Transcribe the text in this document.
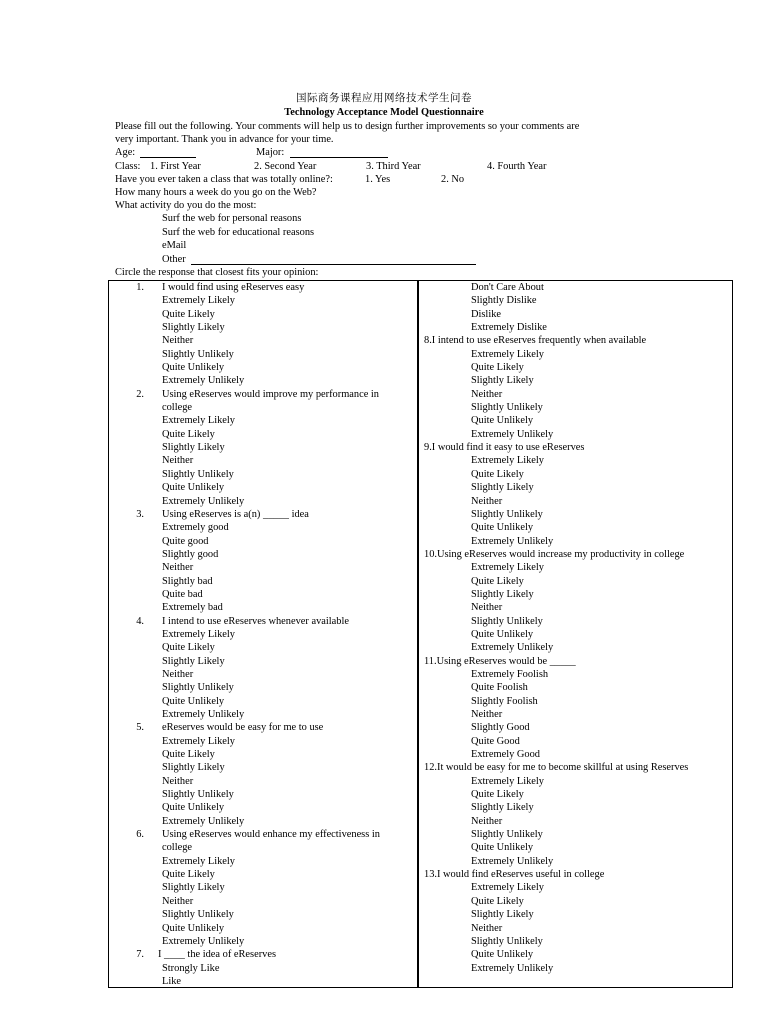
国际商务课程应用网络技术学生问卷
Technology Acceptance Model Questionnaire
Please fill out the following. Your comments will help us to design further improvements so your comments are
very important. Thank you in advance for your time.
Age:	Major:
Class: 1. First Year	2. Second Year	3. Third Year	4. Fourth Year
Have you ever taken a class that was totally online?:	1. Yes	2. No
How many hours a week do you go on the Web?
What activity do you do the most:
Surf the web for personal reasons
Surf the web for educational reasons
eMail
Other
Circle the response that closest fits your opinion:
1. I would find using eReserves easy
Extremely Likely
Quite Likely
Slightly Likely
Neither
Slightly Unlikely
Quite Unlikely
Extremely Unlikely
2. Using eReserves would improve my performance in
college
Extremely Likely
Quite Likely
Slightly Likely
Neither
Slightly Unlikely
Quite Unlikely
Extremely Unlikely
3. Using eReserves is a(n) _____ idea
Extremely good
Quite good
Slightly good
Neither
Slightly bad
Quite bad
Extremely bad
4. I intend to use eReserves whenever available
Extremely Likely
Quite Likely
Slightly Likely
Neither
Slightly Unlikely
Quite Unlikely
Extremely Unlikely
5. eReserves would be easy for me to use
Extremely Likely
Quite Likely
Slightly Likely
Neither
Slightly Unlikely
Quite Unlikely
Extremely Unlikely
6. Using eReserves would enhance my effectiveness in
college
Extremely Likely
Quite Likely
Slightly Likely
Neither
Slightly Unlikely
Quite Unlikely
Extremely Unlikely
7. I ____ the idea of eReserves
Strongly Like
Like
Don't Care About
Slightly Dislike
Dislike
Extremely Dislike
8.I intend to use eReserves frequently when available
Extremely Likely
Quite Likely
Slightly Likely
Neither
Slightly Unlikely
Quite Unlikely
Extremely Unlikely
9.I would find it easy to use eReserves
Extremely Likely
Quite Likely
Slightly Likely
Neither
Slightly Unlikely
Quite Unlikely
Extremely Unlikely
10.Using eReserves would increase my productivity in college
Extremely Likely
Quite Likely
Slightly Likely
Neither
Slightly Unlikely
Quite Unlikely
Extremely Unlikely
11.Using eReserves would be _____
Extremely Foolish
Quite Foolish
Slightly Foolish
Neither
Slightly Good
Quite Good
Extremely Good
12.It would be easy for me to become skillful at using Reserves
Extremely Likely
Quite Likely
Slightly Likely
Neither
Slightly Unlikely
Quite Unlikely
Extremely Unlikely
13.I would find eReserves useful in college
Extremely Likely
Quite Likely
Slightly Likely
Neither
Slightly Unlikely
Quite Unlikely
Extremely Unlikely
